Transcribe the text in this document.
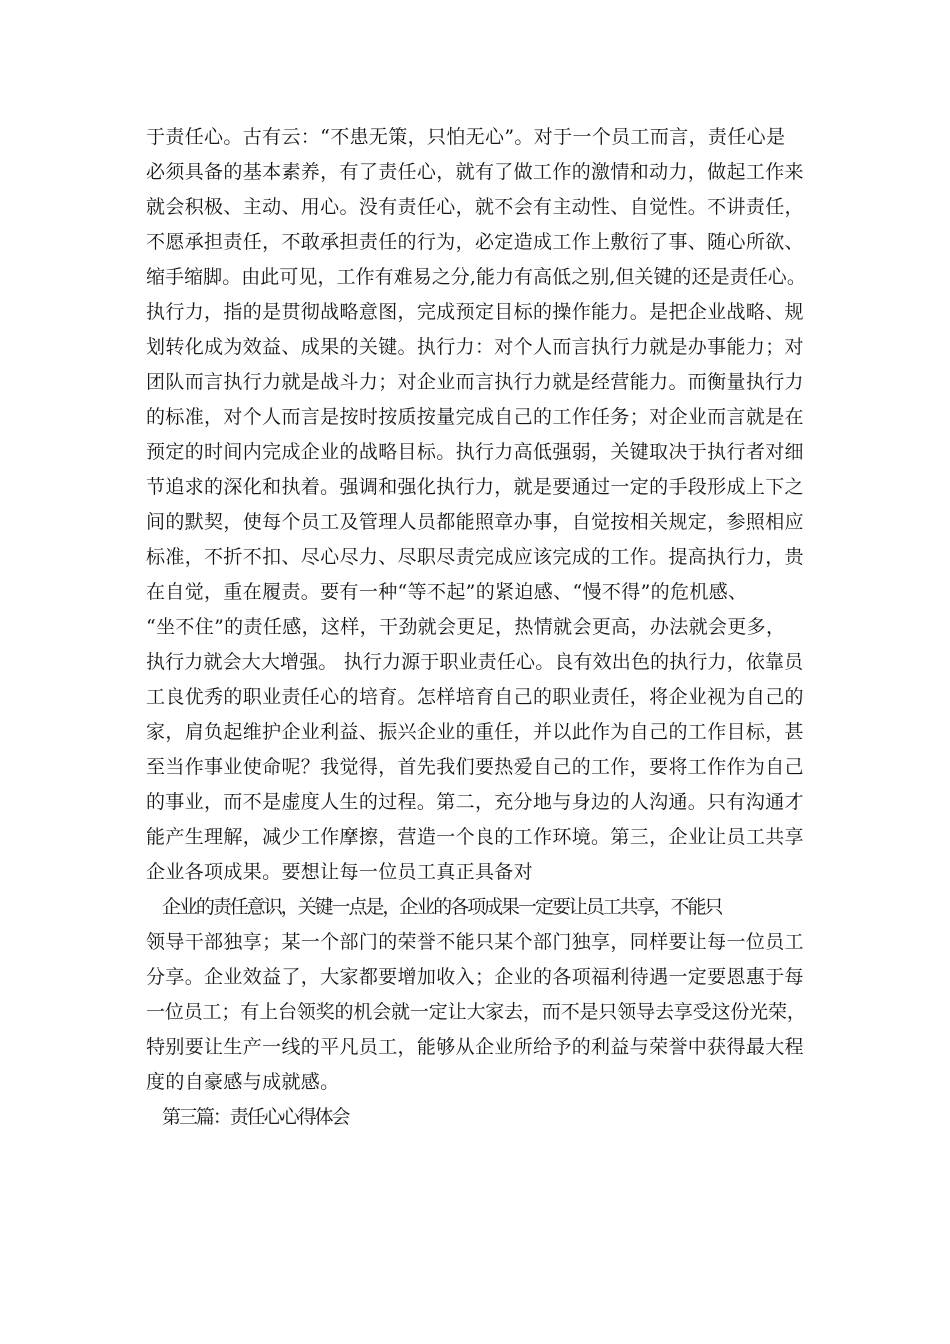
于责任心。古有云：“不患无策，只怕无心”。对于一个员工而言，责任心是
必须具备的基本素养，有了责任心，就有了做工作的激情和动力，做起工作来
就会积极、主动、用心。没有责任心，就不会有主动性、自觉性。不讲责任，
不愿承担责任，不敢承担责任的行为，必定造成工作上敷衍了事、随心所欲、
缩手缩脚。由此可见，工作有难易之分,能力有高低之别,但关键的还是责任心。
执行力，指的是贯彻战略意图，完成预定目标的操作能力。是把企业战略、规
划转化成为效益、成果的关键。执行力：对个人而言执行力就是办事能力；对
团队而言执行力就是战斗力；对企业而言执行力就是经营能力。而衡量执行力
的标准，对个人而言是按时按质按量完成自己的工作任务；对企业而言就是在
预定的时间内完成企业的战略目标。执行力高低强弱，关键取决于执行者对细
节追求的深化和执着。强调和强化执行力，就是要通过一定的手段形成上下之
间的默契，使每个员工及管理人员都能照章办事，自觉按相关规定，参照相应
标准，不折不扣、尽心尽力、尽职尽责完成应该完成的工作。提高执行力，贵
在自觉，重在履责。要有一种“等不起”的紧迫感、“慢不得”的危机感、
“坐不住”的责任感，这样，干劲就会更足，热情就会更高，办法就会更多，
执行力就会大大增强。 执行力源于职业责任心。良有效出色的执行力，依靠员
工良优秀的职业责任心的培育。怎样培育自己的职业责任，将企业视为自己的
家，肩负起维护企业利益、振兴企业的重任，并以此作为自己的工作目标，甚
至当作事业使命呢？我觉得，首先我们要热爱自己的工作，要将工作作为自己
的事业，而不是虚度人生的过程。第二，充分地与身边的人沟通。只有沟通才
能产生理解，减少工作摩擦，营造一个良的工作环境。第三，企业让员工共享
企业各项成果。要想让每一位员工真正具备对
企业的责任意识，关键一点是，企业的各项成果一定要让员工共享，不能只
领导干部独享；某一个部门的荣誉不能只某个部门独享，同样要让每一位员工
分享。企业效益了，大家都要增加收入；企业的各项福利待遇一定要恩惠于每
一位员工；有上台领奖的机会就一定让大家去，而不是只领导去享受这份光荣，
特别要让生产一线的平凡员工，能够从企业所给予的利益与荣誉中获得最大程
度的自豪感与成就感。
第三篇：责任心心得体会
